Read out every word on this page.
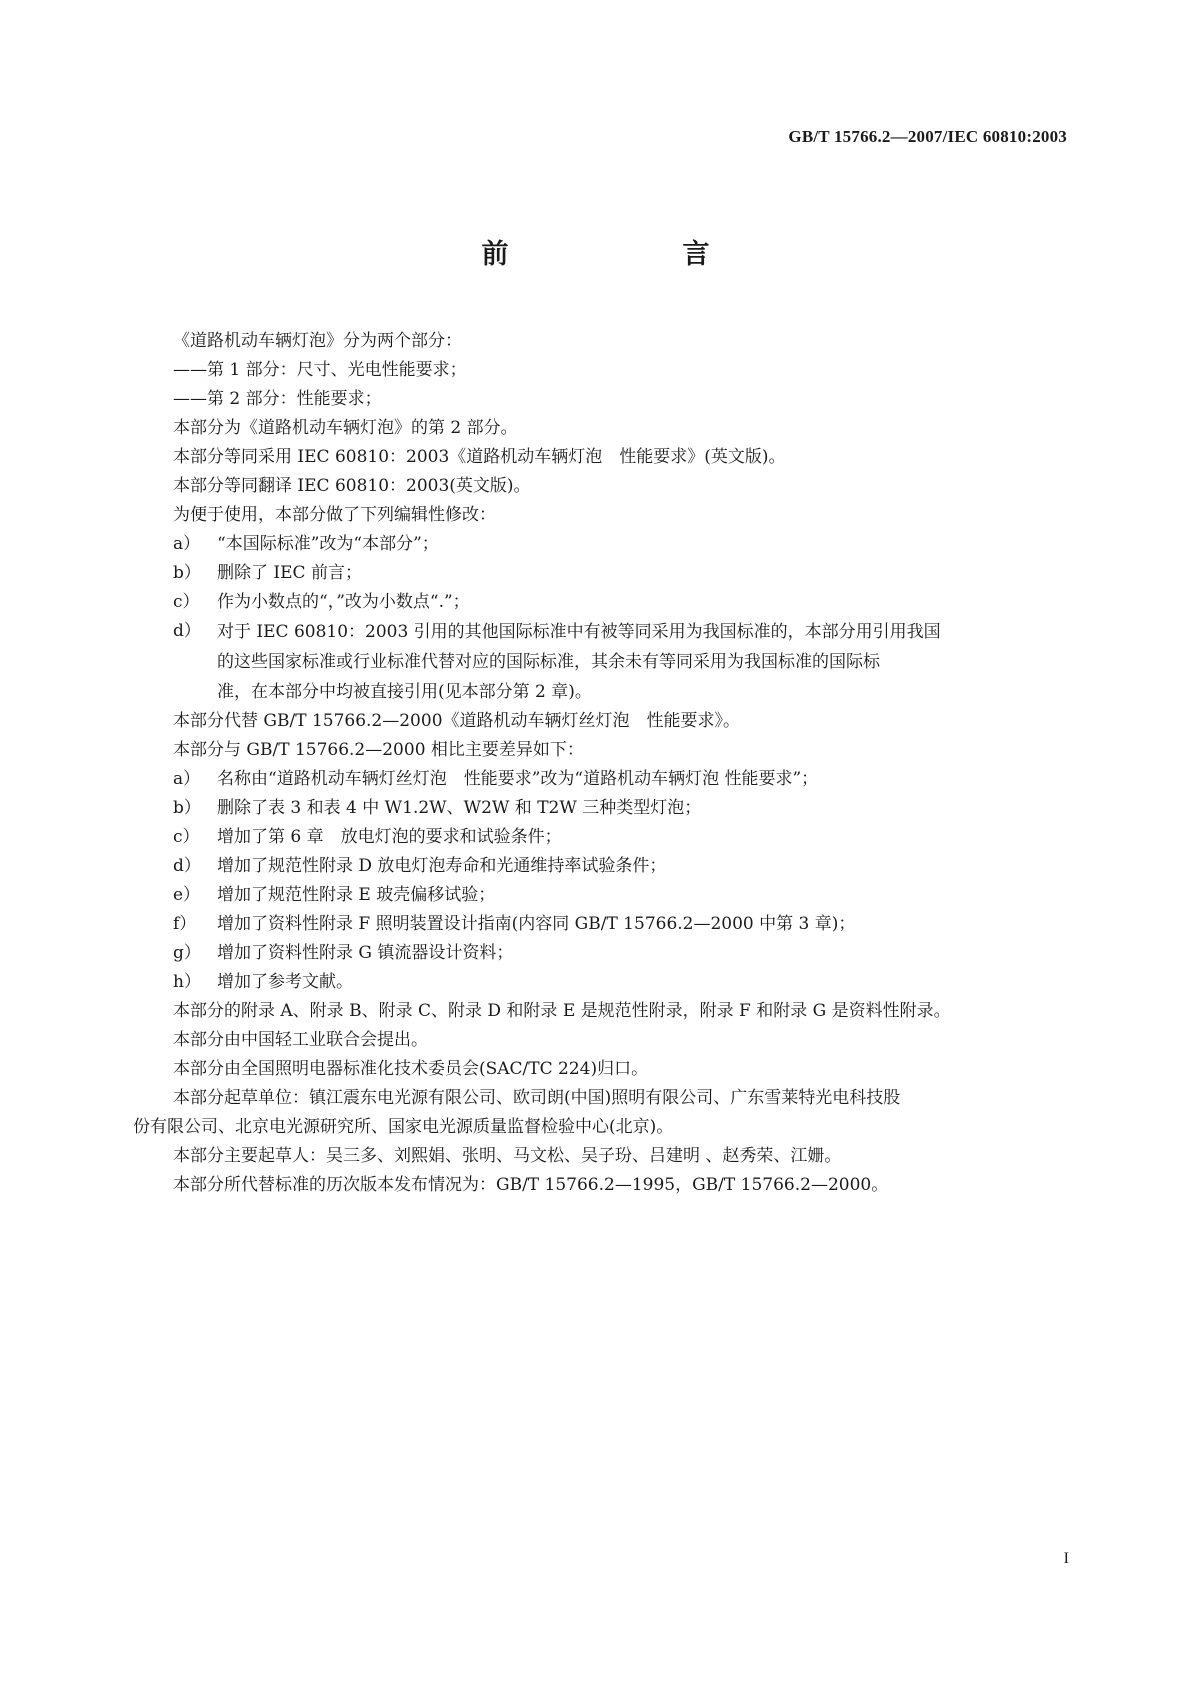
GB/T 15766.2—2007/IEC 60810:2003
前　　言
《道路机动车辆灯泡》分为两个部分：
——第 1 部分：尺寸、光电性能要求；
——第 2 部分：性能要求；
本部分为《道路机动车辆灯泡》的第 2 部分。
本部分等同采用 IEC 60810：2003《道路机动车辆灯泡　性能要求》(英文版)。
本部分等同翻译 IEC 60810：2003(英文版)。
为便于使用，本部分做了下列编辑性修改：
a） “本国际标准”改为“本部分”；
b） 删除了 IEC 前言；
c） 作为小数点的“，”改为小数点“.”；
d） 对于 IEC 60810：2003 引用的其他国际标准中有被等同采用为我国标准的，本部分用引用我国
的这些国家标准或行业标准代替对应的国际标准，其余未有等同采用为我国标准的国际标
准，在本部分中均被直接引用(见本部分第 2 章)。
本部分代替 GB/T 15766.2—2000《道路机动车辆灯丝灯泡　性能要求》。
本部分与 GB/T 15766.2—2000 相比主要差异如下：
a） 名称由“道路机动车辆灯丝灯泡　性能要求”改为“道路机动车辆灯泡 性能要求”；
b） 删除了表 3 和表 4 中 W1.2W、W2W 和 T2W 三种类型灯泡；
c） 增加了第 6 章　放电灯泡的要求和试验条件；
d） 增加了规范性附录 D 放电灯泡寿命和光通维持率试验条件；
e） 增加了规范性附录 E 玻壳偏移试验；
f） 增加了资料性附录 F 照明装置设计指南(内容同 GB/T 15766.2—2000 中第 3 章)；
g） 增加了资料性附录 G 镇流器设计资料；
h） 增加了参考文献。
本部分的附录 A、附录 B、附录 C、附录 D 和附录 E 是规范性附录，附录 F 和附录 G 是资料性附录。
本部分由中国轻工业联合会提出。
本部分由全国照明电器标准化技术委员会(SAC/TC 224)归口。
本部分起草单位：镇江震东电光源有限公司、欧司朗(中国)照明有限公司、广东雪莱特光电科技股
份有限公司、北京电光源研究所、国家电光源质量监督检验中心(北京)。
本部分主要起草人：吴三多、刘熙娟、张明、马文松、吴子玢、吕建明 、赵秀荣、江姗。
本部分所代替标准的历次版本发布情况为：GB/T 15766.2—1995，GB/T 15766.2—2000。
I
